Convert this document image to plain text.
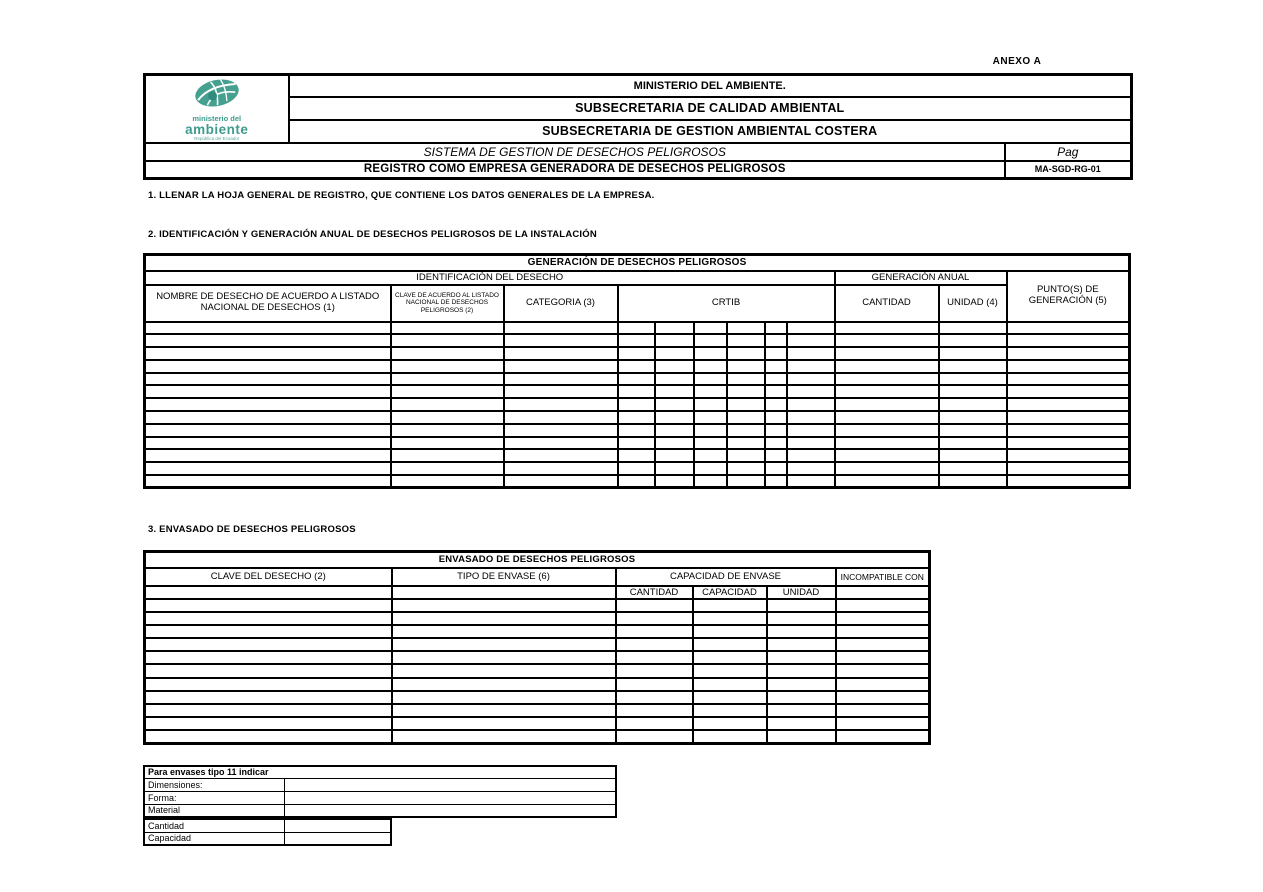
ANEXO A
ministerio del
ambiente
República del Ecuador	MINISTERIO DEL AMBIENTE.	
	SUBSECRETARIA DE CALIDAD AMBIENTAL	
	SUBSECRETARIA DE GESTION AMBIENTAL COSTERA	
SISTEMA DE GESTION DE DESECHOS PELIGROSOS		Pag
REGISTRO COMO EMPRESA GENERADORA DE DESECHOS PELIGROSOS		MA-SGD-RG-01
1. LLENAR LA HOJA GENERAL DE REGISTRO, QUE CONTIENE LOS DATOS GENERALES DE LA EMPRESA.
2. IDENTIFICACIÓN Y GENERACIÓN ANUAL DE DESECHOS PELIGROSOS DE LA INSTALACIÓN
GENERACIÓN DE DESECHOS PELIGROSOS											
IDENTIFICACIÓN DEL DESECHO									GENERACIÓN ANUAL		PUNTO(S) DE GENERACIÓN (5)
NOMBRE DE DESECHO DE ACUERDO A LISTADO NACIONAL DE DESECHOS (1)	CLAVE DE ACUERDO AL LISTADO NACIONAL DE DESECHOS PELIGROSOS (2)	CATEGORIA (3)	CRTIB						CANTIDAD	UNIDAD (4)	

3. ENVASADO DE DESECHOS PELIGROSOS
ENVASADO DE DESECHOS PELIGROSOS					
CLAVE DEL DESECHO (2)	TIPO DE ENVASE (6)	CAPACIDAD DE ENVASE			INCOMPATIBLE CON
		CANTIDAD	CAPACIDAD	UNIDAD	

Para envases tipo 11 indicar	
Dimensiones:	
Forma:	
Material	
Cantidad	
Capacidad	
